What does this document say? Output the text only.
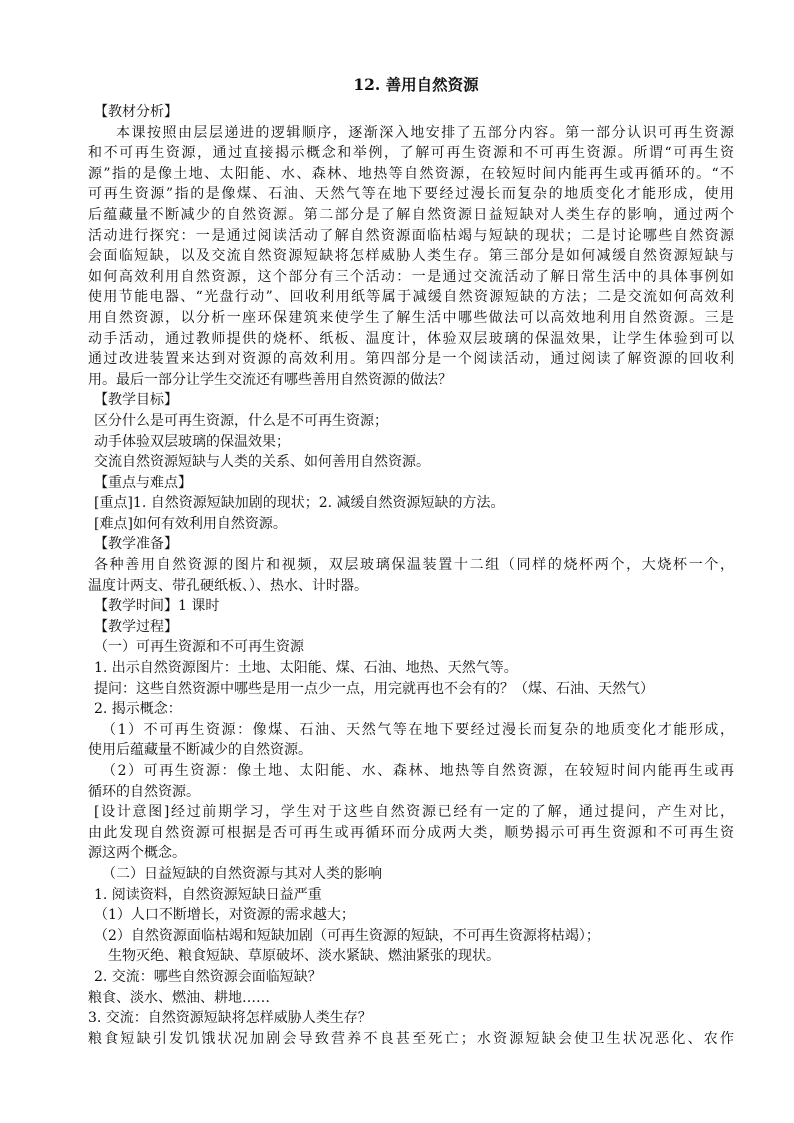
12. 善用自然资源
【教材分析】
本课按照由层层递进的逻辑顺序，逐渐深入地安排了五部分内容。第一部分认识可再生资源
和不可再生资源，通过直接揭示概念和举例，了解可再生资源和不可再生资源。所谓“可再生资
源”指的是像土地、太阳能、水、森林、地热等自然资源，在较短时间内能再生或再循环的。“不
可再生资源”指的是像煤、石油、天然气等在地下要经过漫长而复杂的地质变化才能形成，使用
后蕴藏量不断减少的自然资源。第二部分是了解自然资源日益短缺对人类生存的影响，通过两个
活动进行探究：一是通过阅读活动了解自然资源面临枯竭与短缺的现状；二是讨论哪些自然资源
会面临短缺，以及交流自然资源短缺将怎样威胁人类生存。第三部分是如何减缓自然资源短缺与
如何高效利用自然资源，这个部分有三个活动：一是通过交流活动了解日常生活中的具体事例如
使用节能电器、“光盘行动”、回收利用纸等属于减缓自然资源短缺的方法；二是交流如何高效利
用自然资源，以分析一座环保建筑来使学生了解生活中哪些做法可以高效地利用自然资源。三是
动手活动，通过教师提供的烧杯、纸板、温度计，体验双层玻璃的保温效果，让学生体验到可以
通过改进装置来达到对资源的高效利用。第四部分是一个阅读活动，通过阅读了解资源的回收利
用。最后一部分让学生交流还有哪些善用自然资源的做法？
【教学目标】
区分什么是可再生资源，什么是不可再生资源；
动手体验双层玻璃的保温效果；
交流自然资源短缺与人类的关系、如何善用自然资源。
【重点与难点】
[重点]1. 自然资源短缺加剧的现状；2. 减缓自然资源短缺的方法。
[难点]如何有效利用自然资源。
【教学准备】
各种善用自然资源的图片和视频，双层玻璃保温装置十二组（同样的烧杯两个，大烧杯一个，
温度计两支、带孔硬纸板、）、热水、计时器。
【教学时间】1 课时
【教学过程】
（一）可再生资源和不可再生资源
1. 出示自然资源图片：土地、太阳能、煤、石油、地热、天然气等。
提问：这些自然资源中哪些是用一点少一点，用完就再也不会有的？（煤、石油、天然气）
2. 揭示概念：
（1）不可再生资源：像煤、石油、天然气等在地下要经过漫长而复杂的地质变化才能形成，
使用后蕴藏量不断减少的自然资源。
（2）可再生资源：像土地、太阳能、水、森林、地热等自然资源，在较短时间内能再生或再
循环的自然资源。
[设计意图]经过前期学习，学生对于这些自然资源已经有一定的了解，通过提问，产生对比，
由此发现自然资源可根据是否可再生或再循环而分成两大类，顺势揭示可再生资源和不可再生资
源这两个概念。
（二）日益短缺的自然资源与其对人类的影响
1. 阅读资料，自然资源短缺日益严重
（1）人口不断增长，对资源的需求越大；
（2）自然资源面临枯竭和短缺加剧（可再生资源的短缺，不可再生资源将枯竭）；
生物灭绝、粮食短缺、草原破坏、淡水紧缺、燃油紧张的现状。
2. 交流：哪些自然资源会面临短缺？
粮食、淡水、燃油、耕地……
3. 交流：自然资源短缺将怎样威胁人类生存？
粮食短缺引发饥饿状况加剧会导致营养不良甚至死亡；水资源短缺会使卫生状况恶化、农作
